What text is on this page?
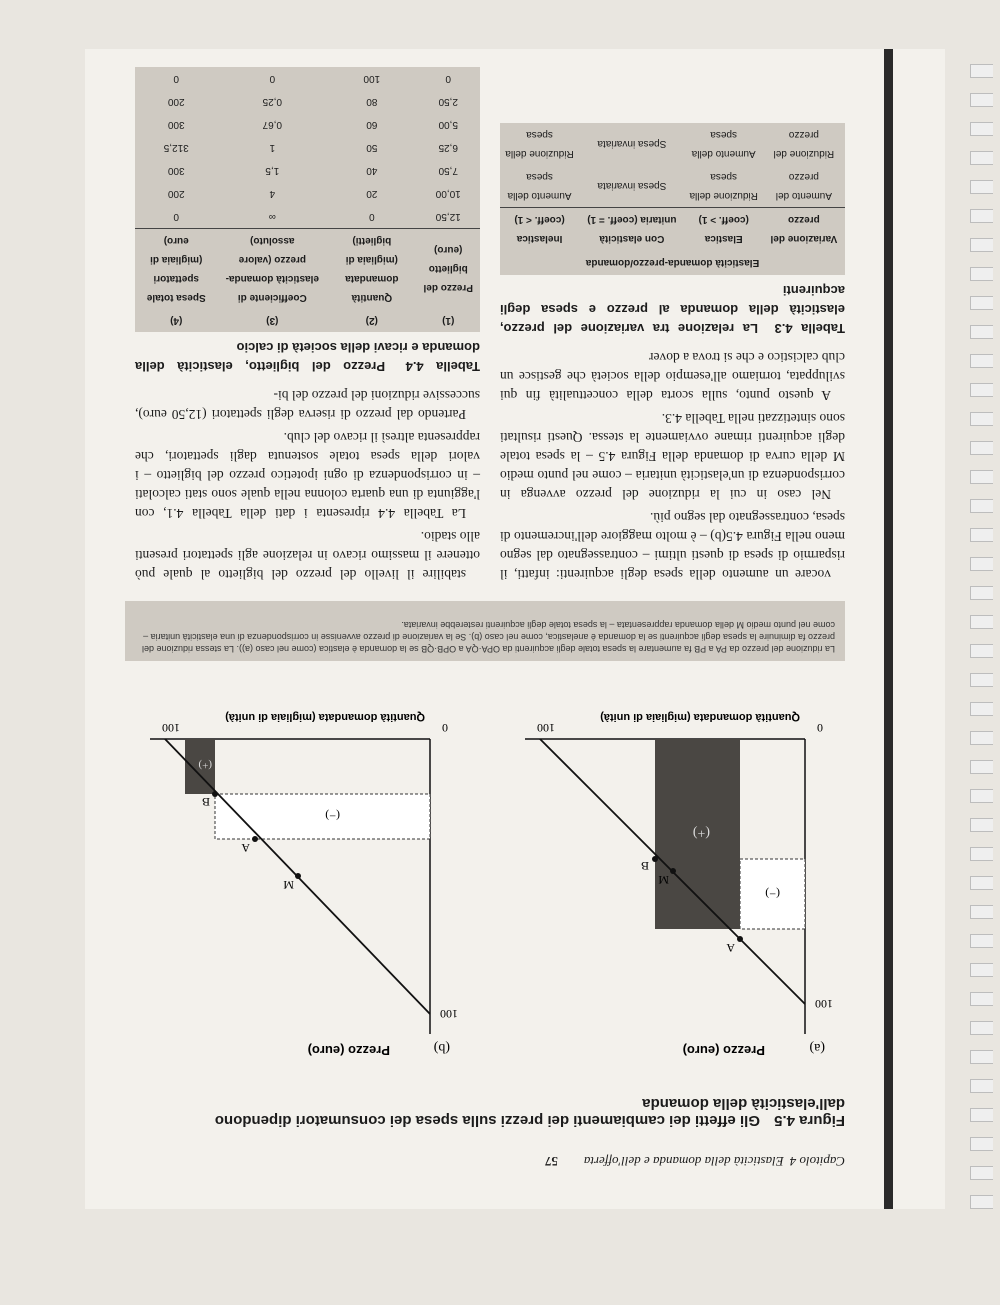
Capitolo 4
Elasticità della domanda e dell'offerta
57
Figura 4.5 Gli effetti dei cambiamenti dei prezzi sulla spesa dei consumatori dipendono dall'elasticità della domanda
(a)
Prezzo (euro)
(−)
(+)
A
B
M
100
0
100
Quantità domandata (migliaia di unità)
(b)
Prezzo (euro)
(−)
(+)
A
B
M
100
0
100
Quantità domandata (migliaia di unità)
La riduzione del prezzo da PA a PB fa aumentare la spesa totale degli acquirenti da OPA·QA a OPB·QB se la domanda è elastica (come nel caso (a)). La stessa riduzione del prezzo fa diminuire la spesa degli acquirenti se la domanda è anelastica, come nel caso (b). Se la variazione di prezzo avvenisse in corrispondenza di una elasticità unitaria – come nel punto medio M della domanda rappresentata – la spesa totale degli acquirenti resterebbe invariata.

vocare un aumento della spesa degli acquirenti: infatti, il risparmio di spesa di questi ultimi – contrassegnato dal segno meno nella Figura 4.5(b) – è molto maggiore dell'incremento di spesa, contrassegnato dal segno più.

Nel caso in cui la riduzione del prezzo avvenga in corrispondenza di un'elasticità unitaria – come nel punto medio M della curva di domanda della Figura 4.5 – la spesa totale degli acquirenti rimane ovviamente la stessa. Questi risultati sono sintetizzati nella Tabella 4.3.

A questo punto, sulla scorta della concettualità fin qui sviluppata, torniamo all'esempio della società che gestisce un club calcistico e che si trova a dover

Tabella 4.3 La relazione tra variazione del prezzo, elasticità della domanda al prezzo e spesa degli acquirenti
Elasticità domanda-prezzo/domanda
Variazione del prezzo	Elastica (coeff. > 1)	Con elasticità unitaria (coeff. = 1)	Inelastica (coeff. < 1)
Aumento del prezzo	Riduzione della spesa	Spesa invariata	Aumento della spesa
Riduzione del prezzo	Aumento della spesa	Spesa invariata	Riduzione della spesa

stabilire il livello del prezzo del biglietto al quale può ottenere il massimo ricavo in relazione agli spettatori presenti allo stadio.

La Tabella 4.4 ripresenta i dati della Tabella 4.1, con l'aggiunta di una quarta colonna nella quale sono stati calcolati – in corrispondenza di ogni ipotetico prezzo del biglietto – i valori della spesa totale sostenuta dagli spettatori, che rappresenta altresì il ricavo del club.

Partendo dal prezzo di riserva degli spettatori (12,50 euro), successive riduzioni del prezzo del bi-

Tabella 4.4 Prezzo del biglietto, elasticità della domanda e ricavi della società di calcio
(1)	(2)	(3)	(4)
Prezzo del biglietto (euro)	Quantità domandata (migliaia di biglietti)	Coefficiente di elasticità domanda-prezzo (valore assoluto)	Spesa totale spettatori (migliaia di euro)
12,50	0	∞	0
10,00	20	4	200
7,50	40	1,5	300
6,25	50	1	312,5
5,00	60	0,67	300
2,50	80	0,25	200
0	100	0	0
